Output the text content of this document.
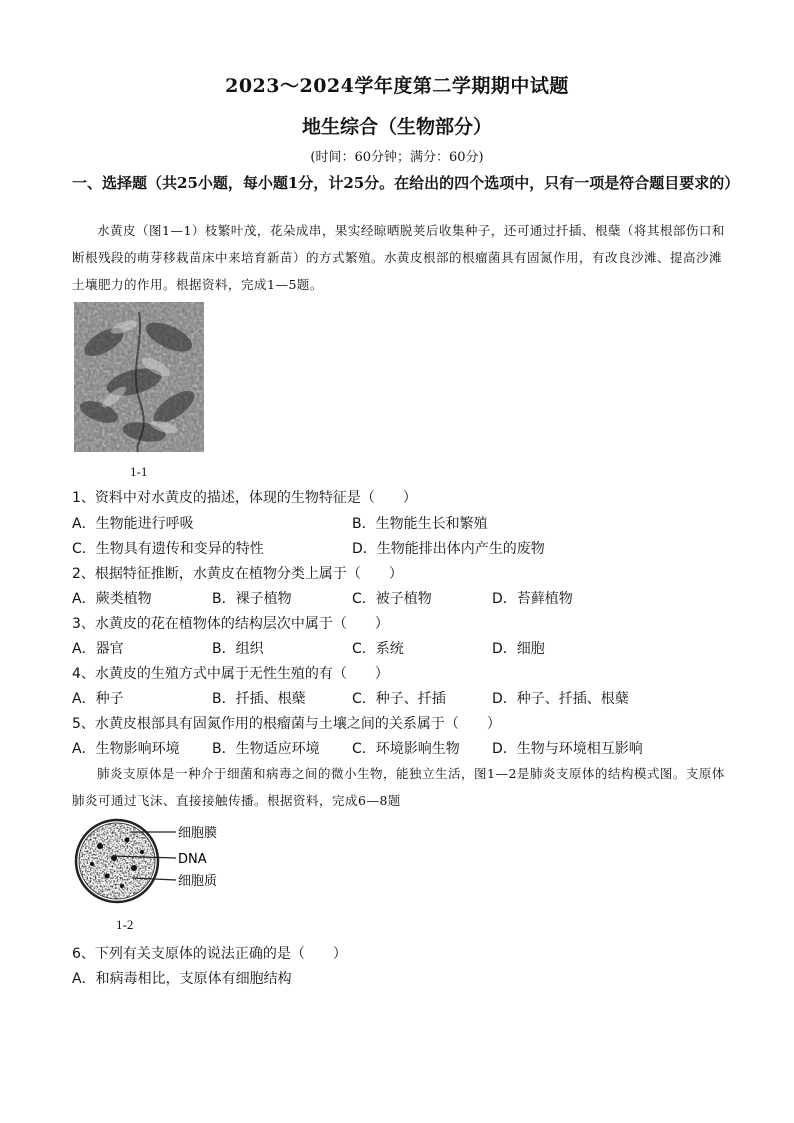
2023～2024学年度第二学期期中试题
地生综合（生物部分）
(时间：60分钟；满分：60分)
一、选择题（共25小题，每小题1分，计25分。在给出的四个选项中，只有一项是符合题目要求的）
水黄皮（图1—1）枝繁叶茂，花朵成串，果实经晾晒脱荚后收集种子，还可通过扦插、根蘖（将其根部伤口和断根残段的萌芽移栽苗床中来培育新苗）的方式繁殖。水黄皮根部的根瘤菌具有固氮作用，有改良沙滩、提高沙滩土壤肥力的作用。根据资料，完成1—5题。
1-1
1、资料中对水黄皮的描述，体现的生物特征是（　　）
A．生物能进行呼吸	B．生物能生长和繁殖
C．生物具有遗传和变异的特性	D．生物能排出体内产生的废物
2、根据特征推断，水黄皮在植物分类上属于（　　）
A．蕨类植物	B．裸子植物	C．被子植物	D．苔藓植物
3、水黄皮的花在植物体的结构层次中属于（　　）
A．器官	B．组织	C．系统	D．细胞
4、水黄皮的生殖方式中属于无性生殖的有（　　）
A．种子	B．扦插、根蘖	C．种子、扦插	D．种子、扦插、根蘖
5、水黄皮根部具有固氮作用的根瘤菌与土壤之间的关系属于（　　）
A．生物影响环境 B．生物适应环境 C．环境影响生物 D．生物与环境相互影响
肺炎支原体是一种介于细菌和病毒之间的微小生物，能独立生活，图1—2是肺炎支原体的结构模式图。支原体肺炎可通过飞沫、直接接触传播。根据资料，完成6—8题
细胞膜
DNA
细胞质
1-2
6、下列有关支原体的说法正确的是（　　）
A．和病毒相比，支原体有细胞结构
